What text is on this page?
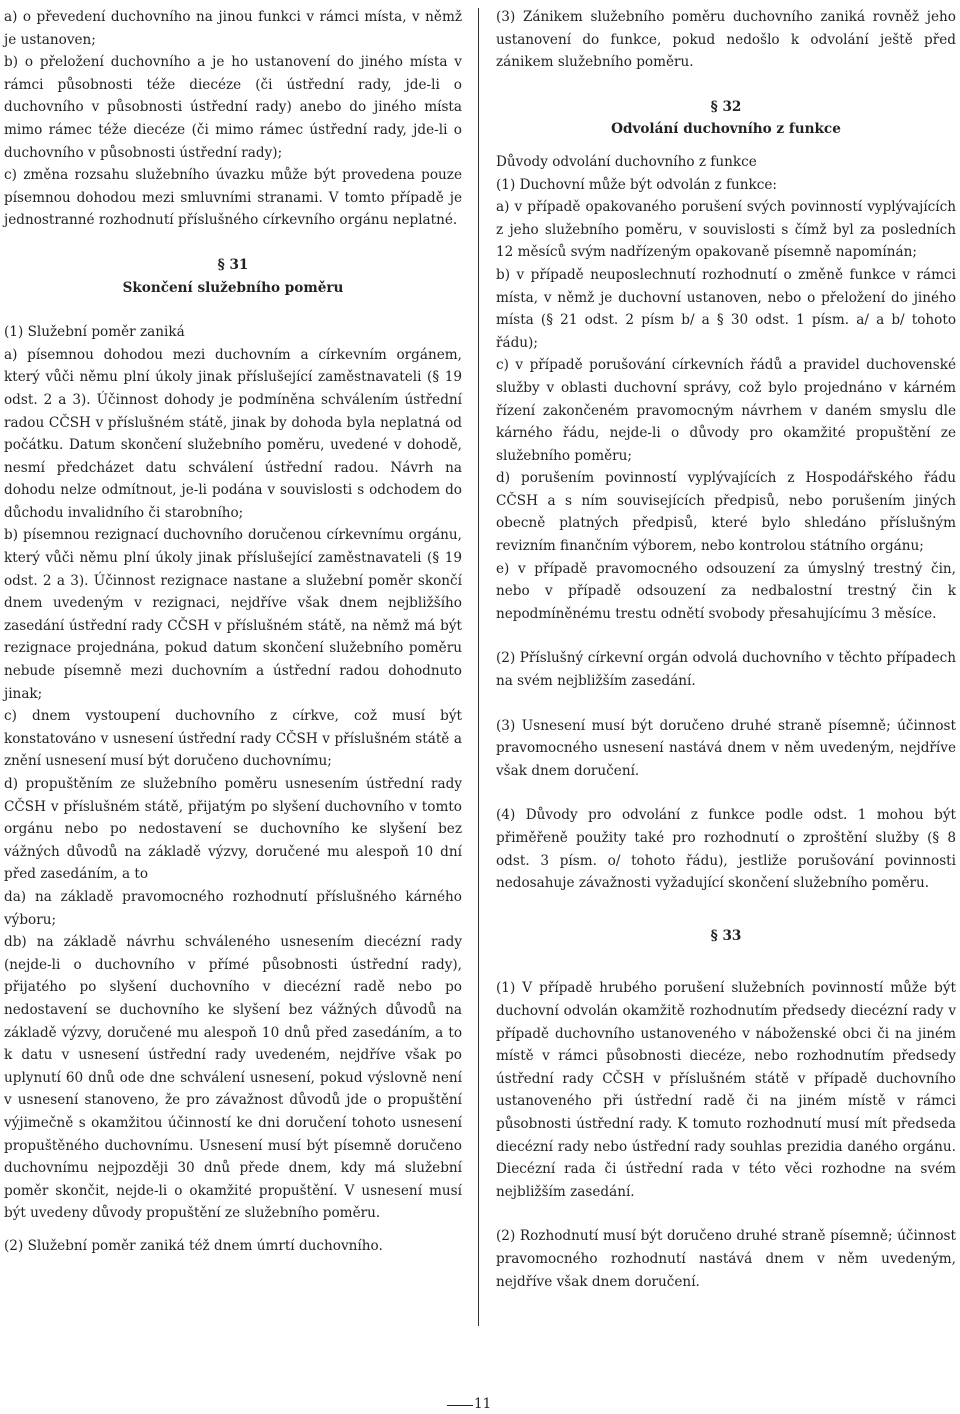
a) o převedení duchovního na jinou funkci v rámci místa, v němž je ustanoven;

b) o přeložení duchovního a je ho ustanovení do jiného místa v rámci působnosti téže diecéze (či ústřední rady, jde-li o duchovního v působnosti ústřední rady) anebo do jiného místa mimo rámec téže diecéze (či mimo rámec ústřední rady, jde-li o duchovního v působnosti ústřední rady);

c) změna rozsahu služebního úvazku může být provedena pouze písemnou dohodou mezi smluvními stranami. V tomto případě je jednostranné rozhodnutí příslušného církevního orgánu neplatné.

§ 31
Skončení služebního poměru

(1) Služební poměr zaniká

a) písemnou dohodou mezi duchovním a církevním orgánem, který vůči němu plní úkoly jinak příslušející zaměstnavateli (§ 19 odst. 2 a 3). Účinnost dohody je podmíněna schválením ústřední radou CČSH v příslušném státě, jinak by dohoda byla neplatná od počátku. Datum skončení služebního poměru, uvedené v dohodě, nesmí předcházet datu schválení ústřední radou. Návrh na dohodu nelze odmítnout, je-li podána v souvislosti s odchodem do důchodu invalidního či starobního;

b) písemnou rezignací duchovního doručenou církevnímu orgánu, který vůči němu plní úkoly jinak příslušející zaměstnavateli (§ 19 odst. 2 a 3). Účinnost rezignace nastane a služební poměr skončí dnem uvedeným v rezignaci, nejdříve však dnem nejbližšího zasedání ústřední rady CČSH v příslušném státě, na němž má být rezignace projednána, pokud datum skončení služebního poměru nebude písemně mezi duchovním a ústřední radou dohodnuto jinak;

c) dnem vystoupení duchovního z církve, což musí být konstatováno v usnesení ústřední rady CČSH v příslušném státě a znění usnesení musí být doručeno duchovnímu;

d) propuštěním ze služebního poměru usnesením ústřední rady CČSH v příslušném státě, přijatým po slyšení duchovního v tomto orgánu nebo po nedostavení se duchovního ke slyšení bez vážných důvodů na základě výzvy, doručené mu alespoň 10 dní před zasedáním, a to

da) na základě pravomocného rozhodnutí příslušného kárného výboru;

db) na základě návrhu schváleného usnesením diecézní rady (nejde-li o duchovního v přímé působnosti ústřední rady), přijatého po slyšení duchovního v diecézní radě nebo po nedostavení se duchovního ke slyšení bez vážných důvodů na základě výzvy, doručené mu alespoň 10 dnů před zasedáním, a to k datu v usnesení ústřední rady uvedeném, nejdříve však po uplynutí 60 dnů ode dne schválení usnesení, pokud výslovně není v usnesení stanoveno, že pro závažnost důvodů jde o propuštění výjimečně s okamžitou účinností ke dni doručení tohoto usnesení propuštěného duchovnímu. Usnesení musí být písemně doručeno duchovnímu nejpozději 30 dnů přede dnem, kdy má služební poměr skončit, nejde-li o okamžité propuštění. V usnesení musí být uvedeny důvody propuštění ze služebního poměru.

(2) Služební poměr zaniká též dnem úmrtí duchovního.

(3) Zánikem služebního poměru duchovního zaniká rovněž jeho ustanovení do funkce, pokud nedošlo k odvolání ještě před zánikem služebního poměru.

§ 32
Odvolání duchovního z funkce

Důvody odvolání duchovního z funkce

(1) Duchovní může být odvolán z funkce:

a) v případě opakovaného porušení svých povinností vyplývajících z jeho služebního poměru, v souvislosti s čímž byl za posledních 12 měsíců svým nadřízeným opakovaně písemně napomínán;

b) v případě neuposlechnutí rozhodnutí o změně funkce v rámci místa, v němž je duchovní ustanoven, nebo o přeložení do jiného místa (§ 21 odst. 2 písm b/ a § 30 odst. 1 písm. a/ a b/ tohoto řádu);

c) v případě porušování církevních řádů a pravidel duchovenské služby v oblasti duchovní správy, což bylo projednáno v kárném řízení zakončeném pravomocným návrhem v daném smyslu dle kárného řádu, nejde-li o důvody pro okamžité propuštění ze služebního poměru;

d) porušením povinností vyplývajících z Hospodářského řádu CČSH a s ním souvisejících předpisů, nebo porušením jiných obecně platných předpisů, které bylo shledáno příslušným revizním finančním výborem, nebo kontrolou státního orgánu;

e) v případě pravomocného odsouzení za úmyslný trestný čin, nebo v případě odsouzení za nedbalostní trestný čin k nepodmíněnému trestu odnětí svobody přesahujícímu 3 měsíce.

(2) Příslušný církevní orgán odvolá duchovního v těchto případech na svém nejbližším zasedání.

(3) Usnesení musí být doručeno druhé straně písemně; účinnost pravomocného usnesení nastává dnem v něm uvedeným, nejdříve však dnem doručení.

(4) Důvody pro odvolání z funkce podle odst. 1 mohou být přiměřeně použity také pro rozhodnutí o zproštění služby (§ 8 odst. 3 písm. o/ tohoto řádu), jestliže porušování povinnosti nedosahuje závažnosti vyžadující skončení služebního poměru.

§ 33

(1) V případě hrubého porušení služebních povinností může být duchovní odvolán okamžitě rozhodnutím předsedy diecézní rady v případě duchovního ustanoveného v náboženské obci či na jiném místě v rámci působnosti diecéze, nebo rozhodnutím předsedy ústřední rady CČSH v příslušném státě v případě duchovního ustanoveného při ústřední radě či na jiném místě v rámci působnosti ústřední rady. K tomuto rozhodnutí musí mít předseda diecézní rady nebo ústřední rady souhlas prezidia daného orgánu. Diecézní rada či ústřední rada v této věci rozhodne na svém nejbližším zasedání.

(2) Rozhodnutí musí být doručeno druhé straně písemně; účinnost pravomocného rozhodnutí nastává dnem v něm uvedeným, nejdříve však dnem doručení.

11
